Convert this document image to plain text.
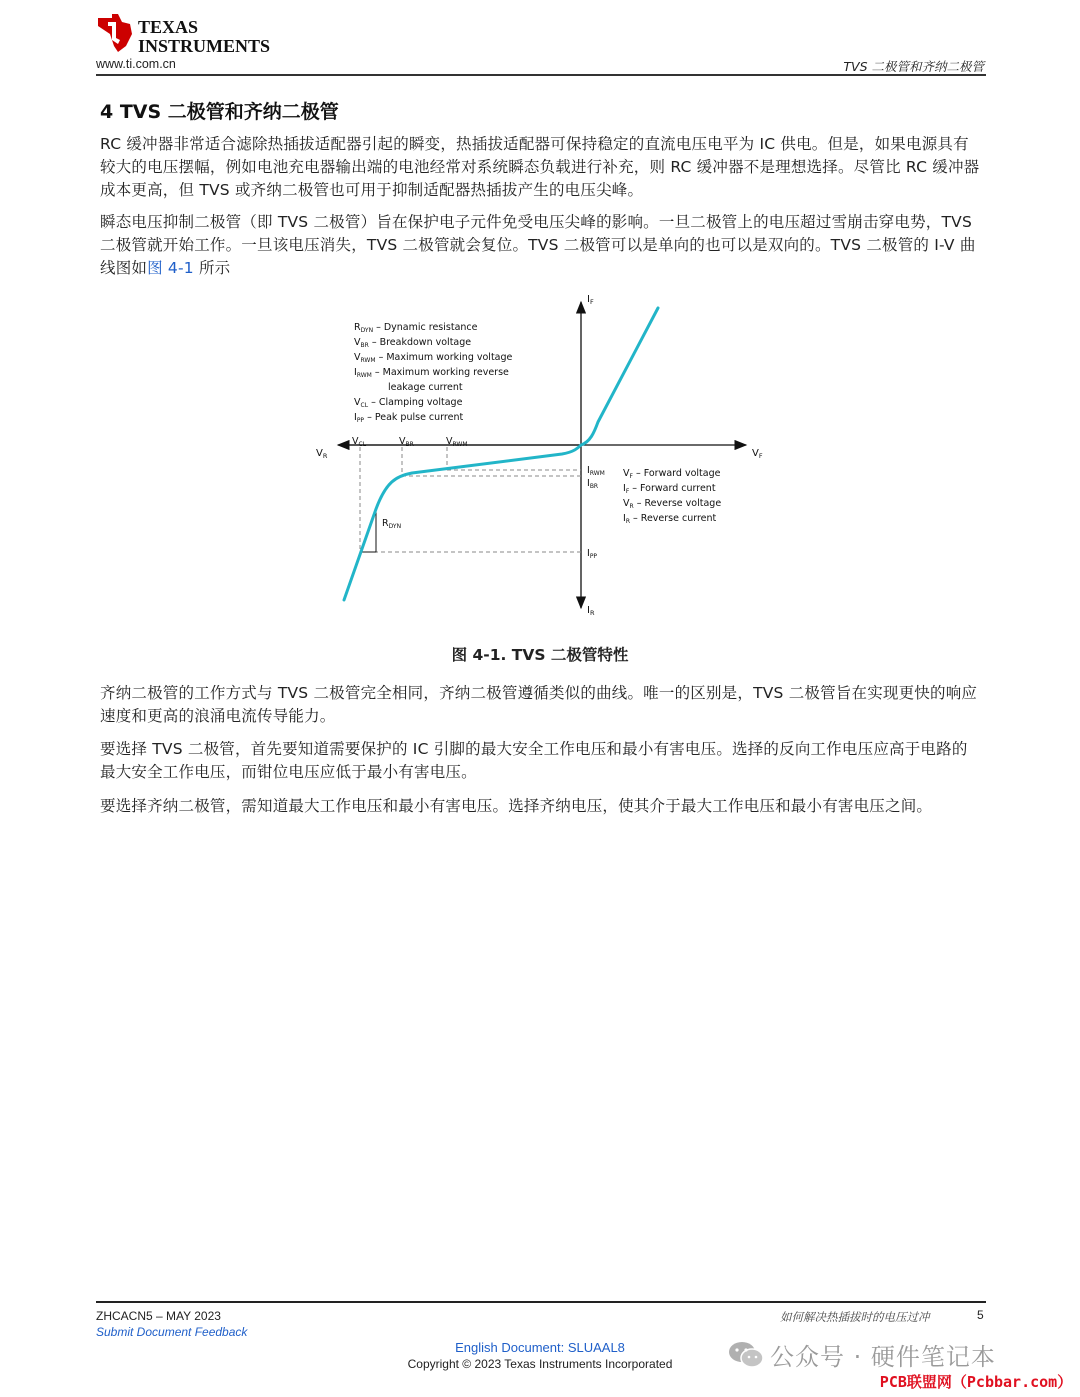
TEXAS
INSTRUMENTS
www.ti.com.cn	TVS 二极管和齐纳二极管
4 TVS 二极管和齐纳二极管

RC 缓冲器非常适合滤除热插拔适配器引起的瞬变，热插拔适配器可保持稳定的直流电压电平为 IC 供电。但是，如果电源具有较大的电压摆幅，例如电池充电器输出端的电池经常对系统瞬态负载进行补充，则 RC 缓冲器不是理想选择。尽管比 RC 缓冲器成本更高，但 TVS 或齐纳二极管也可用于抑制适配器热插拔产生的电压尖峰。

瞬态电压抑制二极管（即 TVS 二极管）旨在保护电子元件免受电压尖峰的影响。一旦二极管上的电压超过雪崩击穿电势，TVS 二极管就开始工作。一旦该电压消失，TVS 二极管就会复位。TVS 二极管可以是单向的也可以是双向的。TVS 二极管的 I-V 曲线图如图 4-1 所示

$I_F$
$I_R$
$V_F$
$V_R$
$V_{CL}$	$V_{BR}$	$V_{RWM}$
$I_{RWM}$
$I_{BR}$
$I_{PP}$
$R_{DYN}$
$R_{DYN}$ – Dynamic resistance
$V_{BR}$ – Breakdown voltage
$V_{RWM}$ – Maximum working voltage
$I_{RWM}$ – Maximum working reverse
leakage current
$V_{CL}$ – Clamping voltage
$I_{PP}$ – Peak pulse current
$V_F$ – Forward voltage
$I_F$ – Forward current
$V_R$ – Reverse voltage
$I_R$ – Reverse current
图 4-1. TVS 二极管特性

齐纳二极管的工作方式与 TVS 二极管完全相同，齐纳二极管遵循类似的曲线。唯一的区别是，TVS 二极管旨在实现更快的响应速度和更高的浪涌电流传导能力。

要选择 TVS 二极管，首先要知道需要保护的 IC 引脚的最大安全工作电压和最小有害电压。选择的反向工作电压应高于电路的最大安全工作电压，而钳位电压应低于最小有害电压。

要选择齐纳二极管，需知道最大工作电压和最小有害电压。选择齐纳电压，使其介于最大工作电压和最小有害电压之间。

ZHCACN5 – MAY 2023
Submit Document Feedback
如何解决热插拔时的电压过冲	5
English Document: SLUAAL8
Copyright © 2023 Texas Instruments Incorporated	公众号 · 硬件笔记本
PCB联盟网（Pcbbar.com）
